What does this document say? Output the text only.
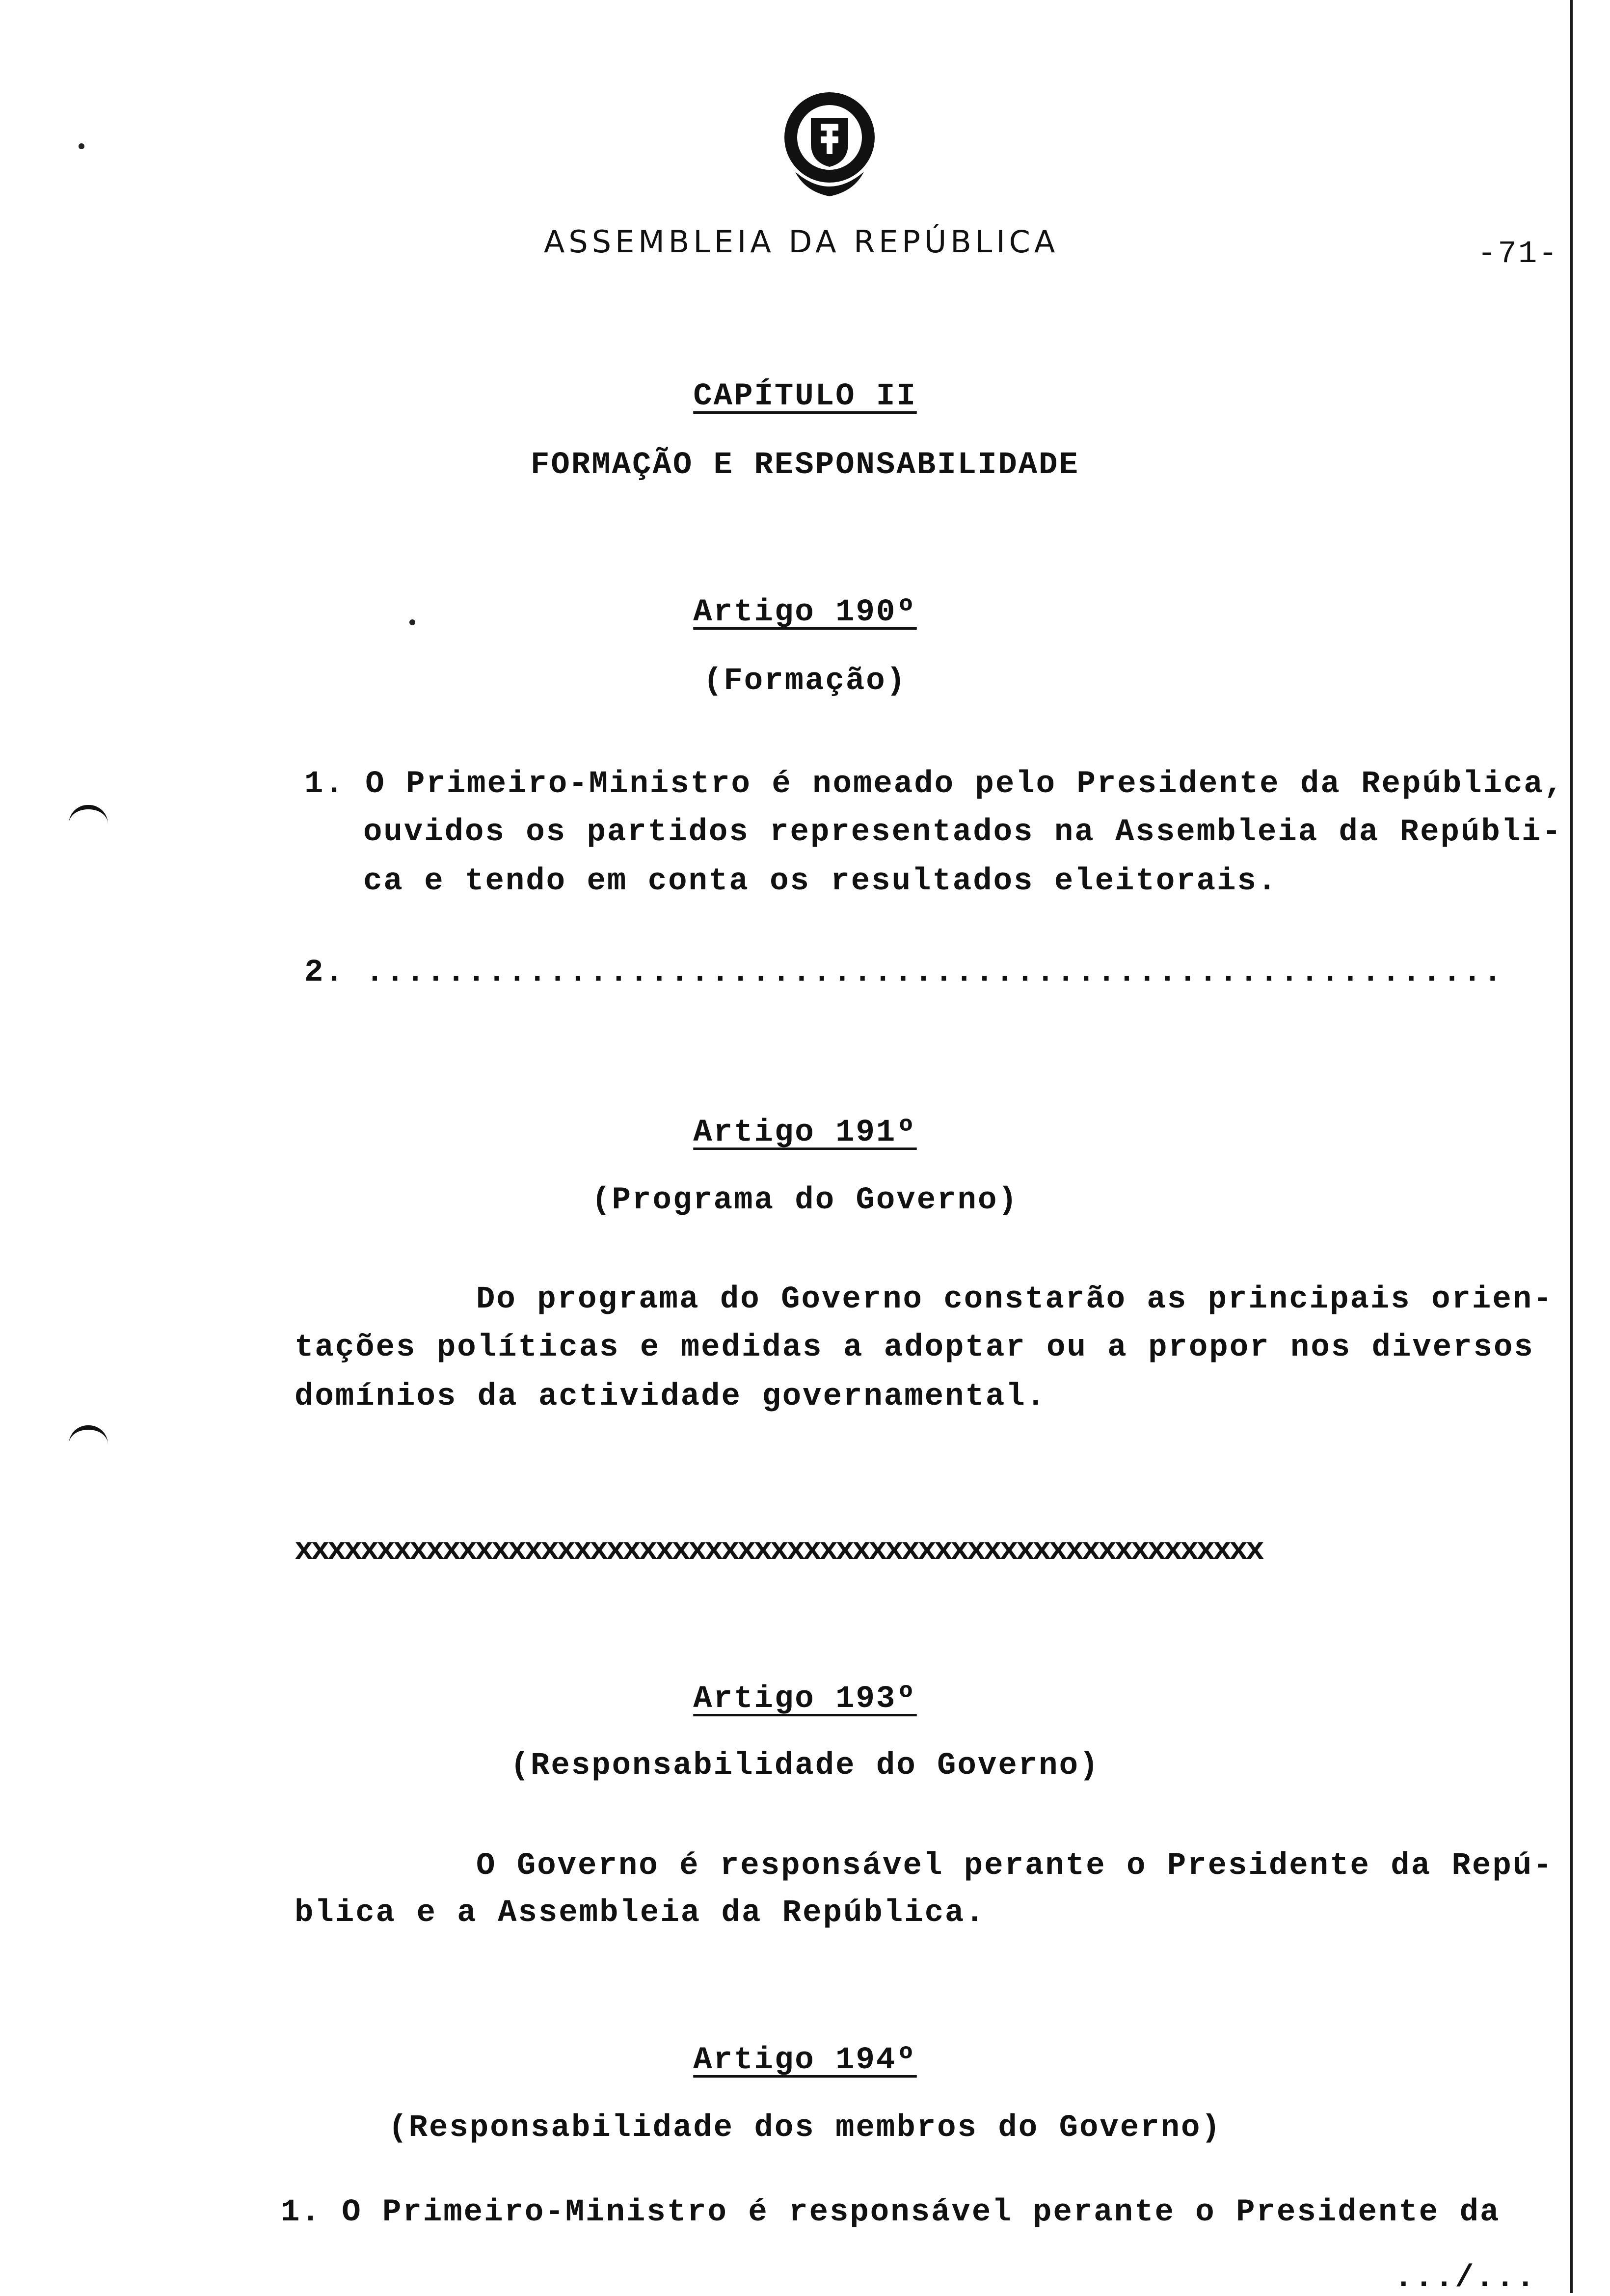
ASSEMBLEIA DA REPÚBLICA	-71-
CAPÍTULO II
FORMAÇÃO E RESPONSABILIDADE
Artigo 190º
(Formação)
1. O Primeiro-Ministro é nomeado pelo Presidente da República,
ouvidos os partidos representados na Assembleia da Repúbli-
ca e tendo em conta os resultados eleitorais.
2. ........................................................
Artigo 191º
(Programa do Governo)
Do programa do Governo constarão as principais orien-
tações políticas e medidas a adoptar ou a propor nos diversos
domínios da actividade governamental.
xxxxxxxxxxxxxxxxxxxxxxxxxxxxxxxxxxxxxxxxxxxxxxxxxxxxxxxxxxx
Artigo 193º
(Responsabilidade do Governo)
O Governo é responsável perante o Presidente da Repú-
blica e a Assembleia da República.
Artigo 194º
(Responsabilidade dos membros do Governo)
1. O Primeiro-Ministro é responsável perante o Presidente da
.../...
